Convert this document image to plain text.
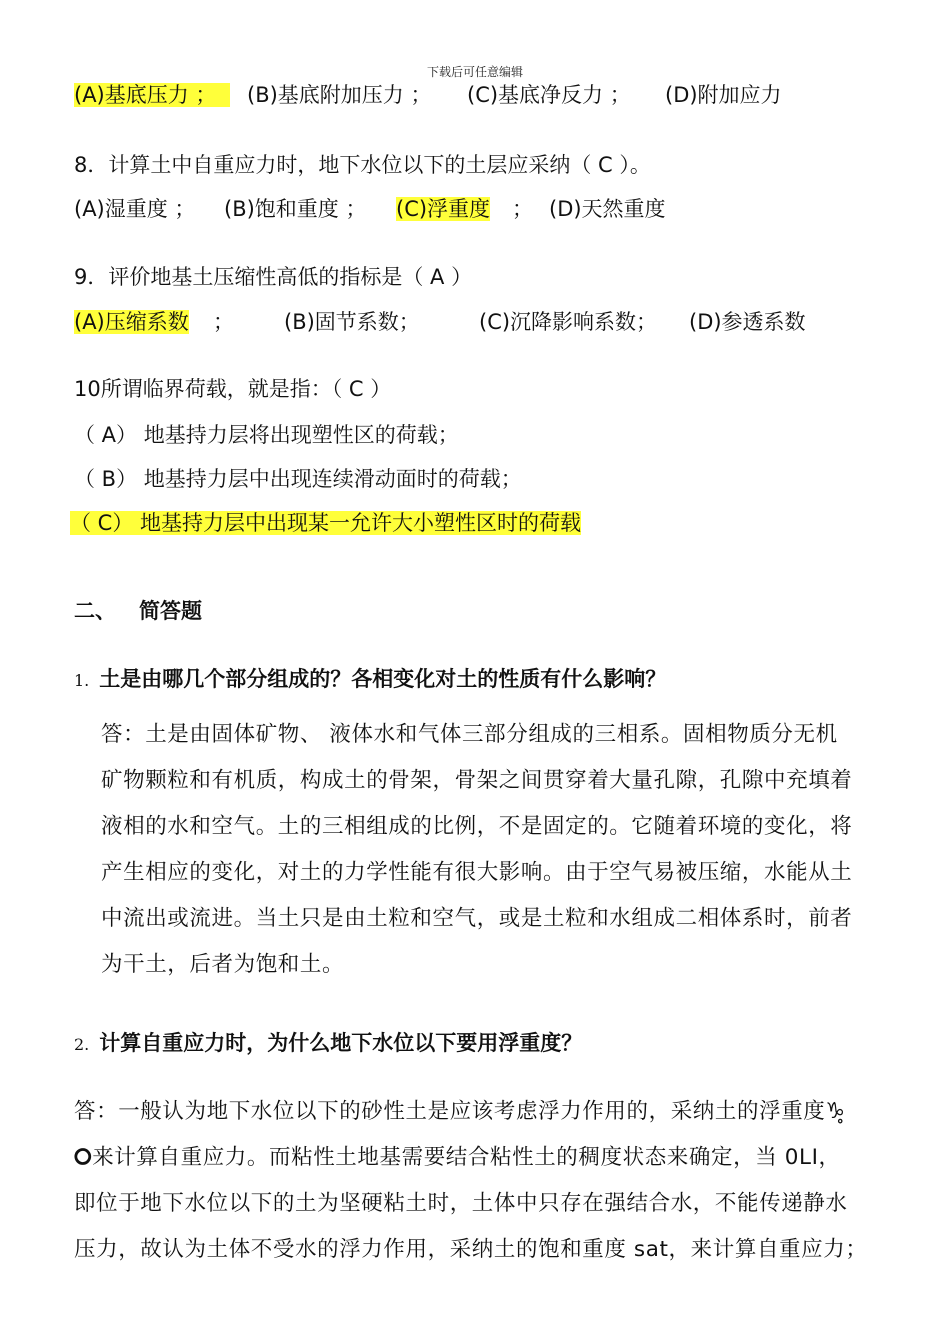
下载后可任意编辑
(A)基底压力 ；	(B)基底附加压力 ； (C)基底净反力 ； (D)附加应力
8．计算土中自重应力时，地下水位以下的土层应采纳（ C ）。
(A)湿重度 ； (B)饱和重度 ； (C)浮重度 ； (D)天然重度
9．评价地基土压缩性高低的指标是（ A ）
(A)压缩系数 ； (B)固节系数；	(C)沉降影响系数； (D)参透系数
10所谓临界荷载，就是指：（ C ）
（ A） 地基持力层将出现塑性区的荷载；
（ B） 地基持力层中出现连续滑动面时的荷载；
（ C） 地基持力层中出现某一允许大小塑性区时的荷载
二、 简答题
1. 土是由哪几个部分组成的？各相变化对土的性质有什么影响？
答：土是由固体矿物、 液体水和气体三部分组成的三相系。固相物质分无机
矿物颗粒和有机质，构成土的骨架，骨架之间贯穿着大量孔隙，孔隙中充填着
液相的水和空气。土的三相组成的比例，不是固定的。它随着环境的变化，将
产生相应的变化，对土的力学性能有很大影响。由于空气易被压缩，水能从土
中流出或流进。当土只是由土粒和空气，或是土粒和水组成二相体系时，前者
为干土，后者为饱和土。
2. 计算自重应力时，为什么地下水位以下要用浮重度？
答：一般认为地下水位以下的砂性土是应该考虑浮力作用的，采纳土的浮重度♑̥
⭘来计算自重应力。而粘性土地基需要结合粘性土的稠度状态来确定，当 0LI，
即位于地下水位以下的土为坚硬粘土时，土体中只存在强结合水，不能传递静水
压力，故认为土体不受水的浮力作用，采纳土的饱和重度 sat，来计算自重应力；
